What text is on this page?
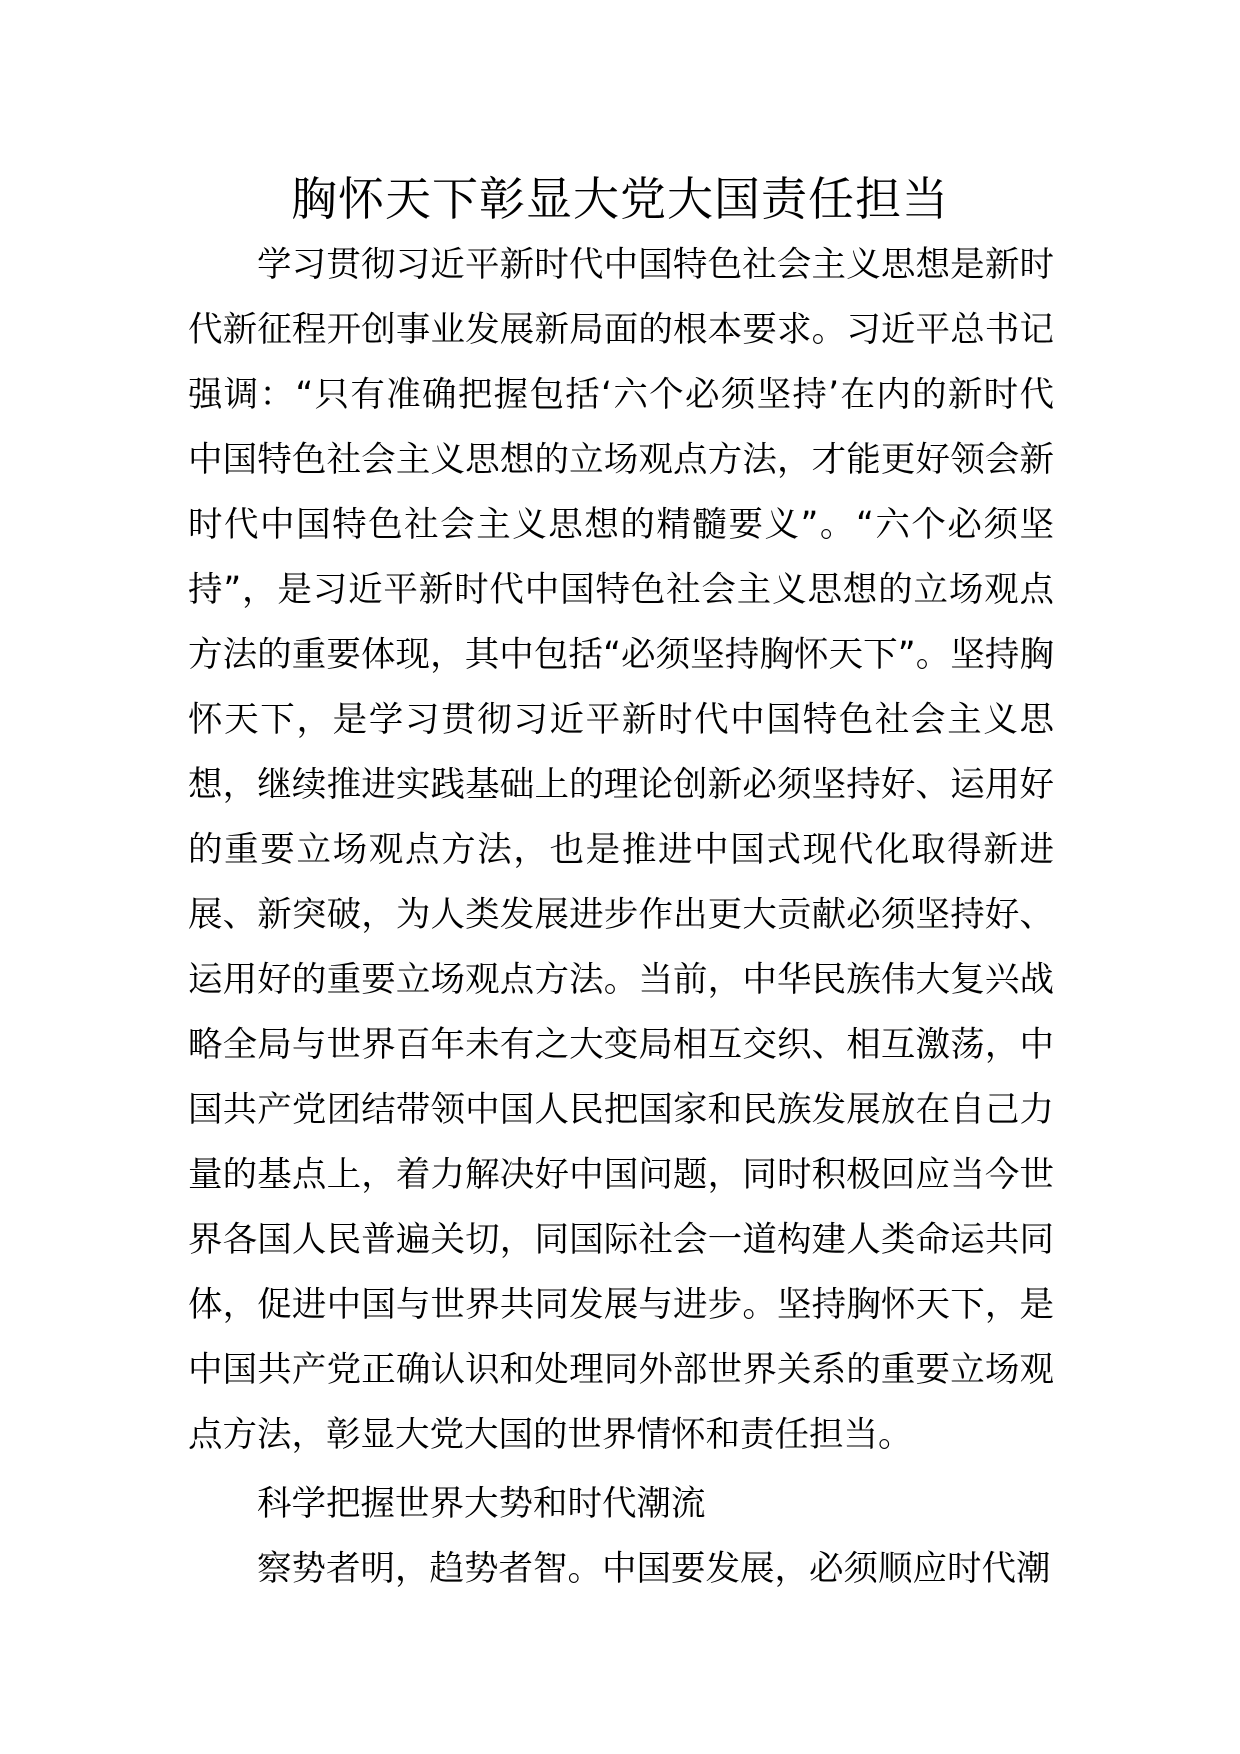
胸怀天下彰显大党大国责任担当

学习贯彻习近平新时代中国特色社会主义思想是新时代新征程开创事业发展新局面的根本要求。习近平总书记强调：“只有准确把握包括‘六个必须坚持’在内的新时代中国特色社会主义思想的立场观点方法，才能更好领会新时代中国特色社会主义思想的精髓要义”。“六个必须坚持”，是习近平新时代中国特色社会主义思想的立场观点方法的重要体现，其中包括“必须坚持胸怀天下”。坚持胸怀天下，是学习贯彻习近平新时代中国特色社会主义思想，继续推进实践基础上的理论创新必须坚持好、运用好的重要立场观点方法，也是推进中国式现代化取得新进展、新突破，为人类发展进步作出更大贡献必须坚持好、运用好的重要立场观点方法。当前，中华民族伟大复兴战略全局与世界百年未有之大变局相互交织、相互激荡，中国共产党团结带领中国人民把国家和民族发展放在自己力量的基点上，着力解决好中国问题，同时积极回应当今世界各国人民普遍关切，同国际社会一道构建人类命运共同体，促进中国与世界共同发展与进步。坚持胸怀天下，是中国共产党正确认识和处理同外部世界关系的重要立场观点方法，彰显大党大国的世界情怀和责任担当。

科学把握世界大势和时代潮流

察势者明，趋势者智。中国要发展，必须顺应时代潮
